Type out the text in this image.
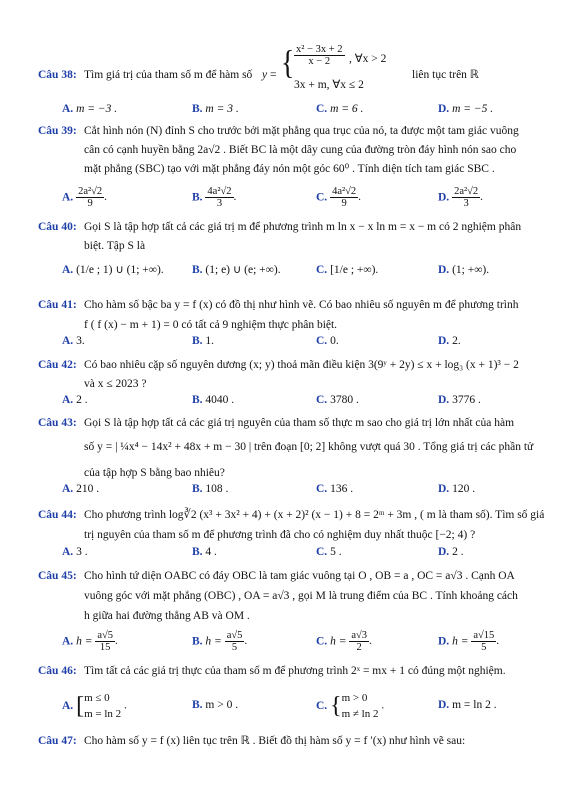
Câu 38: Tìm giá trị của tham số m để hàm số y = { $\frac{\text{x² − 3x + 2}}{x - 2}$ , ∀x > 2
3x + m, ∀x ≤ 2
liên tục trên ℝ
A. m = −3 .	B. m = 3 .	C. m = 6 .	D. m = −5 .
Câu 39: Cắt hình nón (N) đỉnh S cho trước bởi mặt phẳng qua trục của nó, ta được một tam giác vuông
cân có cạnh huyền bằng 2a√2 . Biết BC là một dây cung của đường tròn đáy hình nón sao cho
mặt phẳng (SBC) tạo với mặt phẳng đáy nón một góc 60⁰ . Tính diện tích tam giác SBC .
A. $\frac{\text{2a²√2}}{9}$ .	B. $\frac{\text{4a²√2}}{3}$ .	C. $\frac{\text{4a²√2}}{9}$ .	D. $\frac{\text{2a²√2}}{3}$ .
Câu 40: Gọi S là tập hợp tất cả các giá trị m để phương trình m ln x − x ln m = x − m có 2 nghiệm phân
biệt. Tập S là
A. (1/e ; 1) ∪ (1; +∞). B. (1; e) ∪ (e; +∞).	C. [1/e ; +∞).	D. (1; +∞).
Câu 41: Cho hàm số bậc ba y = f (x) có đồ thị như hình vẽ. Có bao nhiêu số nguyên m để phương trình
f ( f (x) − m + 1) = 0 có tất cả 9 nghiệm thực phân biệt.
A. 3.	B. 1.	C. 0.	D. 2.
Câu 42: Có bao nhiêu cặp số nguyên dương (x; y) thoả mãn điều kiện 3(9ʸ + 2y) ≤ x + log₃ (x + 1)³ − 2
và x ≤ 2023 ?
A. 2 .	B. 4040 .	C. 3780 .	D. 3776 .
Câu 43: Gọi S là tập hợp tất cả các giá trị nguyên của tham số thực m sao cho giá trị lớn nhất của hàm
số y = | ¼x⁴ − 14x² + 48x + m − 30 | trên đoạn [0; 2] không vượt quá 30 . Tổng giá trị các phần tử
của tập hợp S bằng bao nhiêu?
A. 210 .	B. 108 .	C. 136 .	D. 120 .
Câu 44: Cho phương trình log∛2 (x³ + 3x² + 4) + (x + 2)² (x − 1) + 8 = 2ᵐ + 3m , ( m là tham số). Tìm số giá
trị nguyên của tham số m để phương trình đã cho có nghiệm duy nhất thuộc [−2; 4) ?
A. 3 .	B. 4 .	C. 5 .	D. 2 .
Câu 45: Cho hình tứ diện OABC có đáy OBC là tam giác vuông tại O , OB = a , OC = a√3 . Cạnh OA
vuông góc với mặt phẳng (OBC) , OA = a√3 , gọi M là trung điểm của BC . Tính khoảng cách
h giữa hai đường thẳng AB và OM .
A. $h = \frac{a√5}{15}$ .	B. $h = \frac{a√5}{5}$ .	C. $h = \frac{a√3}{2}$ .	D. $h = \frac{a√15}{5}$ .
Câu 46: Tìm tất cả các giá trị thực của tham số m để phương trình 2ˣ = mx + 1 có đúng một nghiệm.
A. [ m ≤ 0
m = ln 2
.	B. m > 0 .	C. { m > 0
m ≠ ln 2
.	D. m = ln 2 .
Câu 47: Cho hàm số y = f (x) liên tục trên ℝ . Biết đồ thị hàm số y = f ′(x) như hình vẽ sau:
